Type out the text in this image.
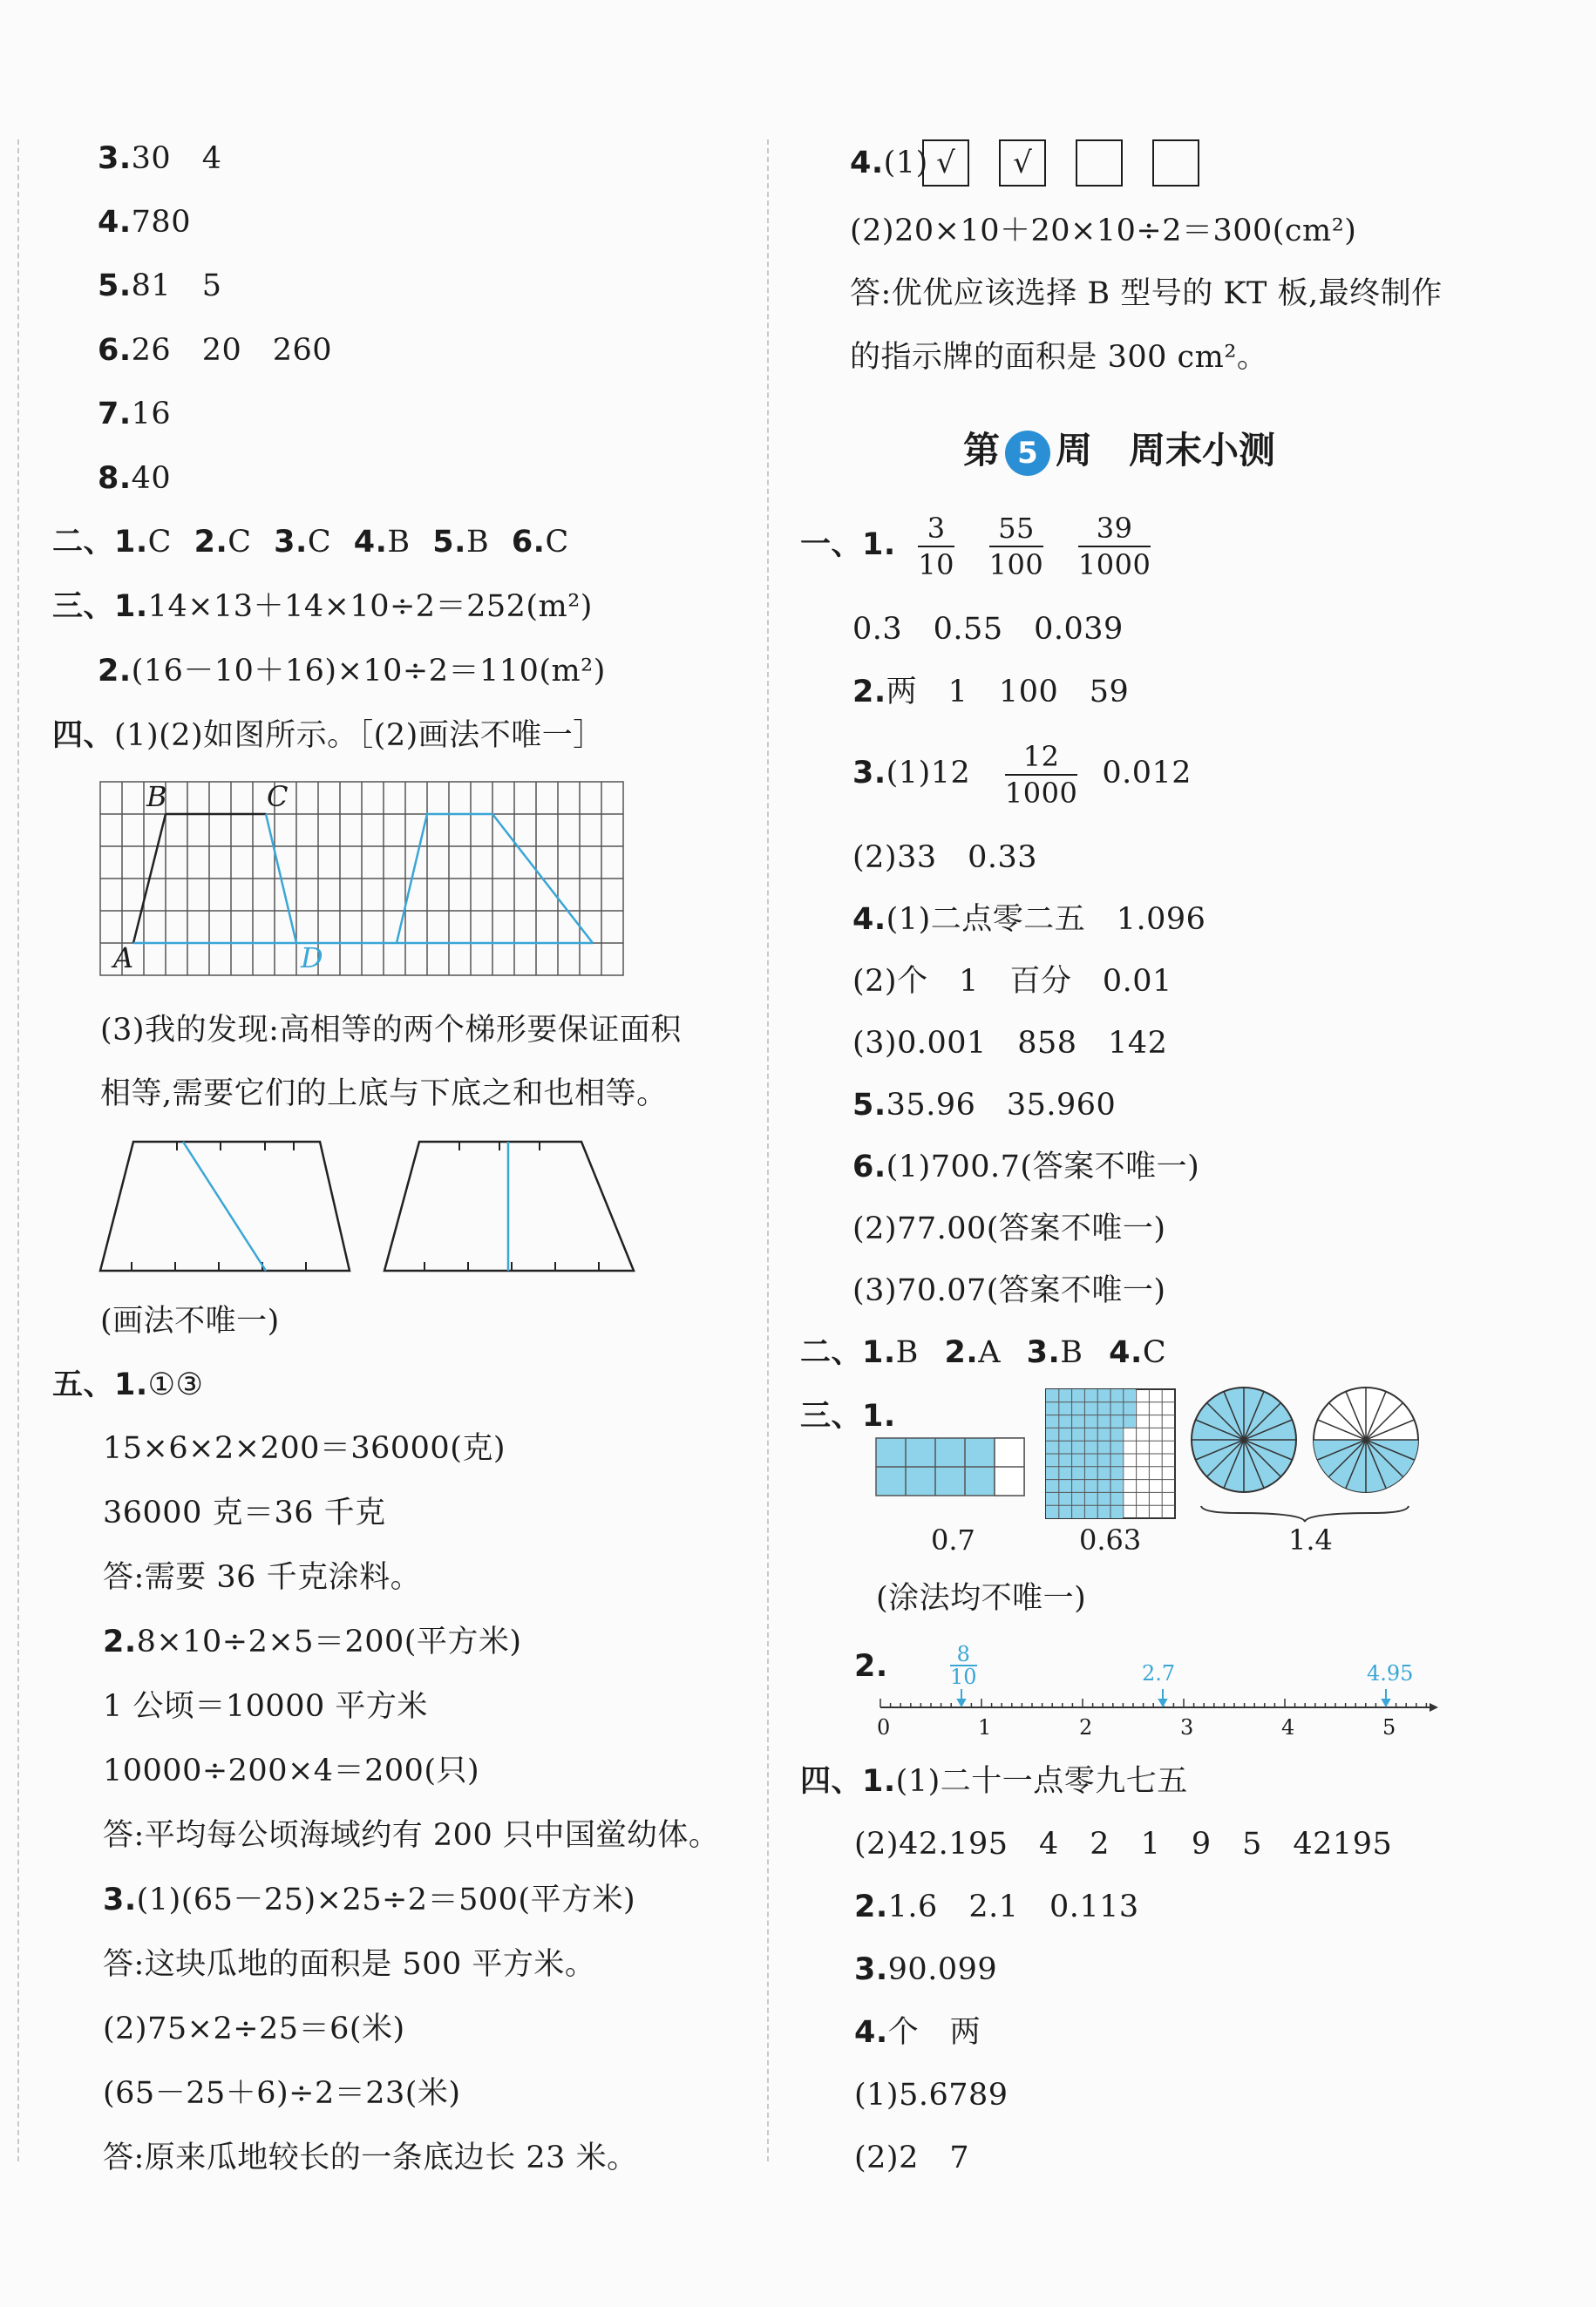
3.30　4
4.780
5.81　5
6.26　20　260
7.16
8.40
二、1.C 2.C 3.C 4.B 5.B 6.C
三、1.14×13＋14×10÷2＝252(m²)
2.(16－10＋16)×10÷2＝110(m²)
四、(1)(2)如图所示。［(2)画法不唯一］
B	C
A	D
(3)我的发现:高相等的两个梯形要保证面积
相等,需要它们的上底与下底之和也相等。
(画法不唯一)
五、1.①③
15×6×2×200＝36000(克)
36000 克＝36 千克
答:需要 36 千克涂料。
2.8×10÷2×5＝200(平方米)
1 公顷＝10000 平方米
10000÷200×4＝200(只)
答:平均每公顷海域约有 200 只中国鲎幼体。
3.(1)(65－25)×25÷2＝500(平方米)
答:这块瓜地的面积是 500 平方米。
(2)75×2÷25＝6(米)
(65－25＋6)÷2＝23(米)
答:原来瓜地较长的一条底边长 23 米。
4.(1) √	√
(2)20×10＋20×10÷2＝300(cm²)
答:优优应该选择 B 型号的 KT 板,最终制作
的指示牌的面积是 300 cm²。
第 5 周　周末小测
一、1. $\frac{3}{10}$
$\frac{55}{100}$
$\frac{39}{1000}$
0.3　0.55　0.039
2.两　1　100　59
$3.(1)12 \frac{12}{1000} 0.012$
(2)33　0.33
4.(1)二点零二五　1.096
(2)个　1　百分　0.01
(3)0.001　858　142
5.35.96　35.960
6.(1)700.7(答案不唯一)
(2)77.00(答案不唯一)
(3)70.07(答案不唯一)
二、1.B 2.A 3.B 4.C
三、1.
0.7	0.63	1.4
(涂法均不唯一)
2.	$\frac{8}{10}$	2.7	4.95
0	1	2	3	4	5
四、1.(1)二十一点零九七五
(2)42.195　4　2　1　9　5　42195
2.1.6　2.1　0.113
3.90.099
4.个　两
(1)5.6789
(2)2　7
